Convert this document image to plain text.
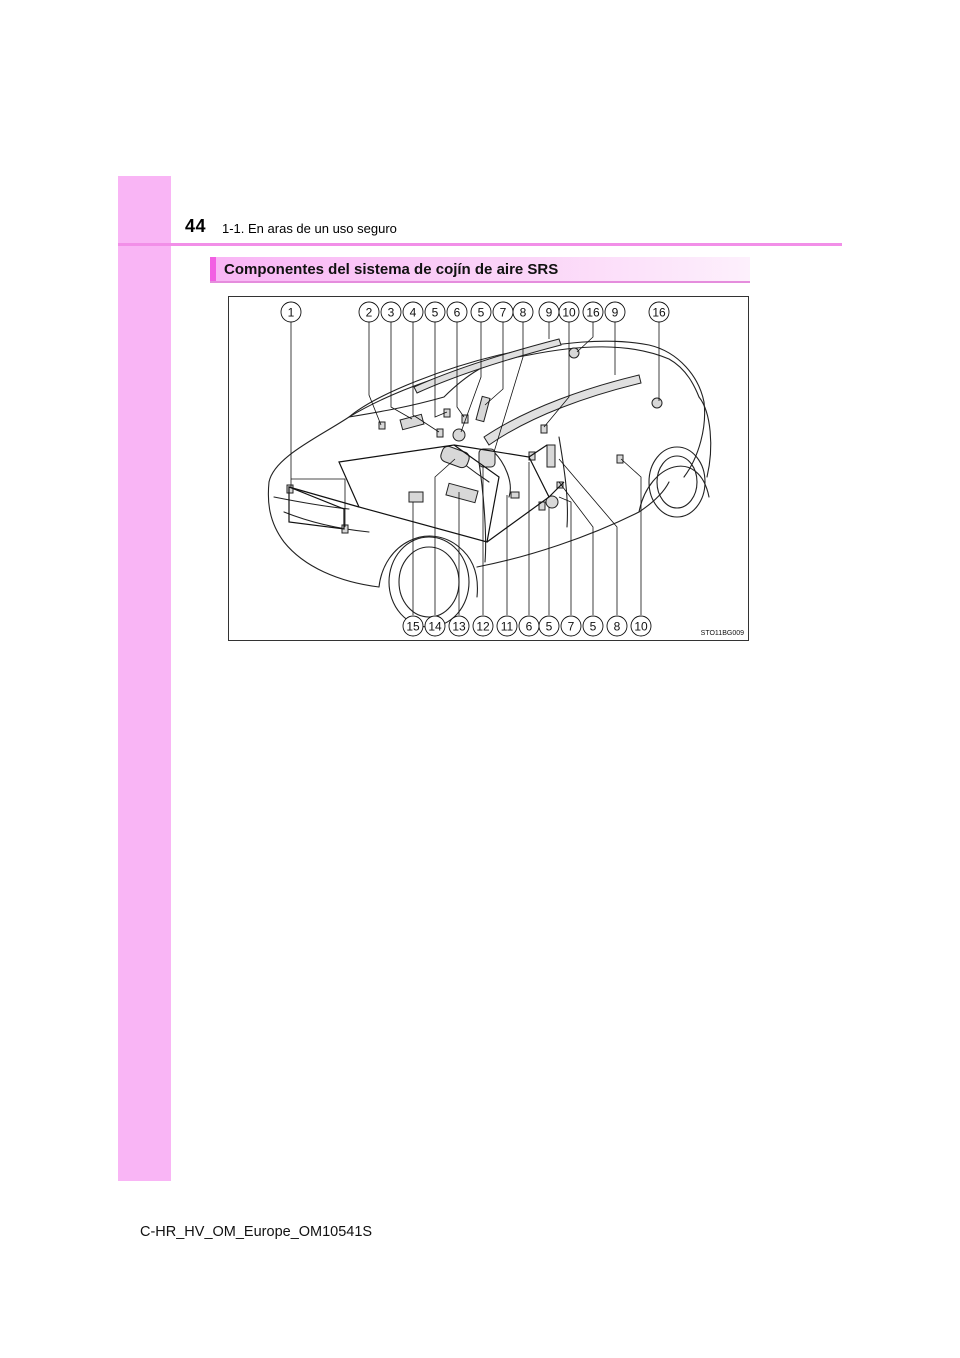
44 1-1. En aras de un uso seguro
Componentes del sistema de cojín de aire SRS
1	2 3 4 5 6 5 7 8 9 10 16 9	16
15 14 13 12 11 6 5 7 5 8 10	STO11BG009
C-HR_HV_OM_Europe_OM10541S
